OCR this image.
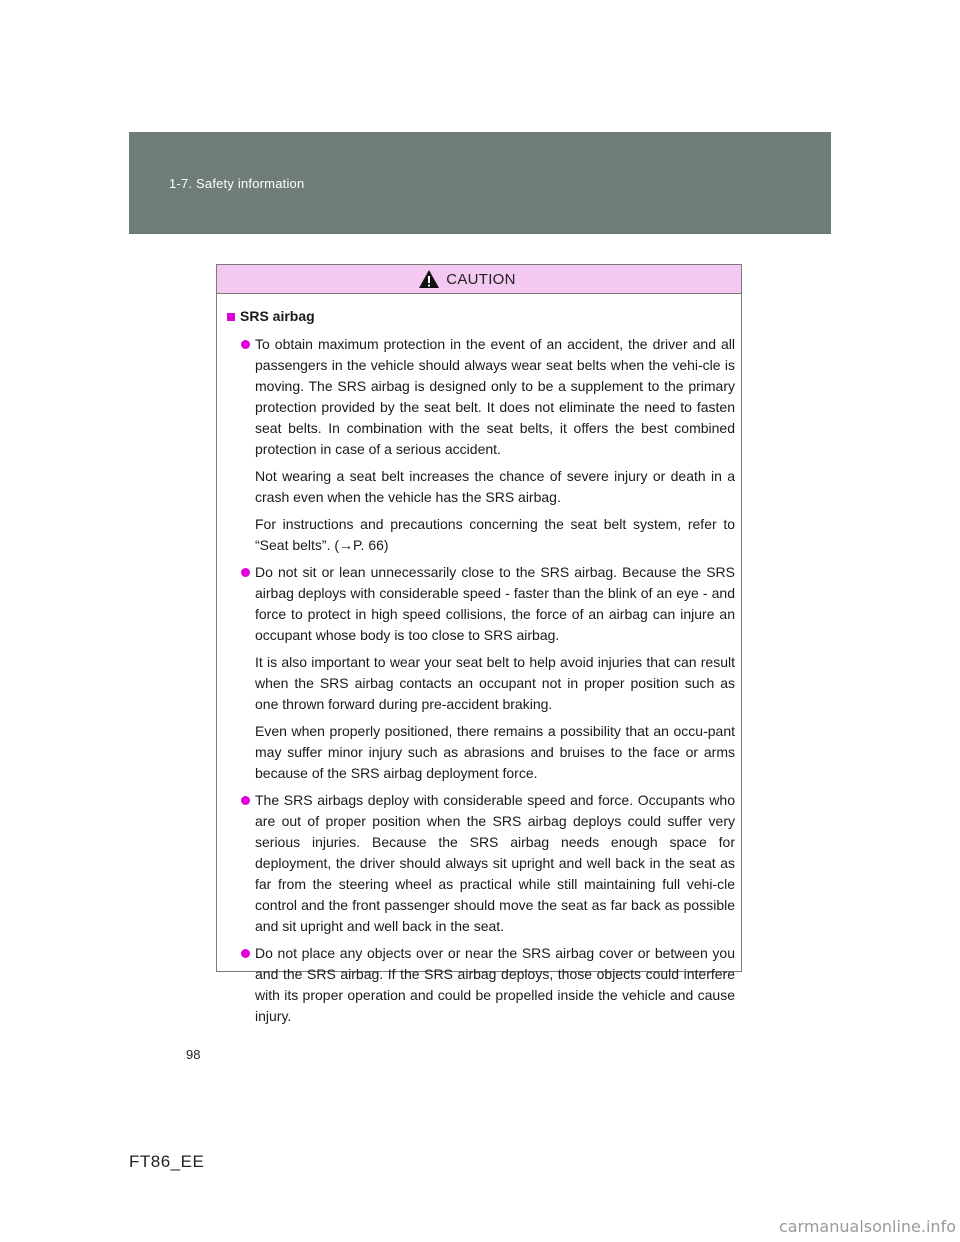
1-7. Safety information
CAUTION
SRS airbag

To obtain maximum protection in the event of an accident, the driver and all passengers in the vehicle should always wear seat belts when the vehi-cle is moving. The SRS airbag is designed only to be a supplement to the primary protection provided by the seat belt. It does not eliminate the need to fasten seat belts. In combination with the seat belts, it offers the best combined protection in case of a serious accident.

Not wearing a seat belt increases the chance of severe injury or death in a crash even when the vehicle has the SRS airbag.

For instructions and precautions concerning the seat belt system, refer to “Seat belts”. (→P. 66)

Do not sit or lean unnecessarily close to the SRS airbag. Because the SRS airbag deploys with considerable speed - faster than the blink of an eye - and force to protect in high speed collisions, the force of an airbag can injure an occupant whose body is too close to SRS airbag.

It is also important to wear your seat belt to help avoid injuries that can result when the SRS airbag contacts an occupant not in proper position such as one thrown forward during pre-accident braking.

Even when properly positioned, there remains a possibility that an occu-pant may suffer minor injury such as abrasions and bruises to the face or arms because of the SRS airbag deployment force.

The SRS airbags deploy with considerable speed and force. Occupants who are out of proper position when the SRS airbag deploys could suffer very serious injuries. Because the SRS airbag needs enough space for deployment, the driver should always sit upright and well back in the seat as far from the steering wheel as practical while still maintaining full vehi-cle control and the front passenger should move the seat as far back as possible and sit upright and well back in the seat.

Do not place any objects over or near the SRS airbag cover or between you and the SRS airbag. If the SRS airbag deploys, those objects could interfere with its proper operation and could be propelled inside the vehicle and cause injury.

98
FT86_EE
carmanualsonline.info
